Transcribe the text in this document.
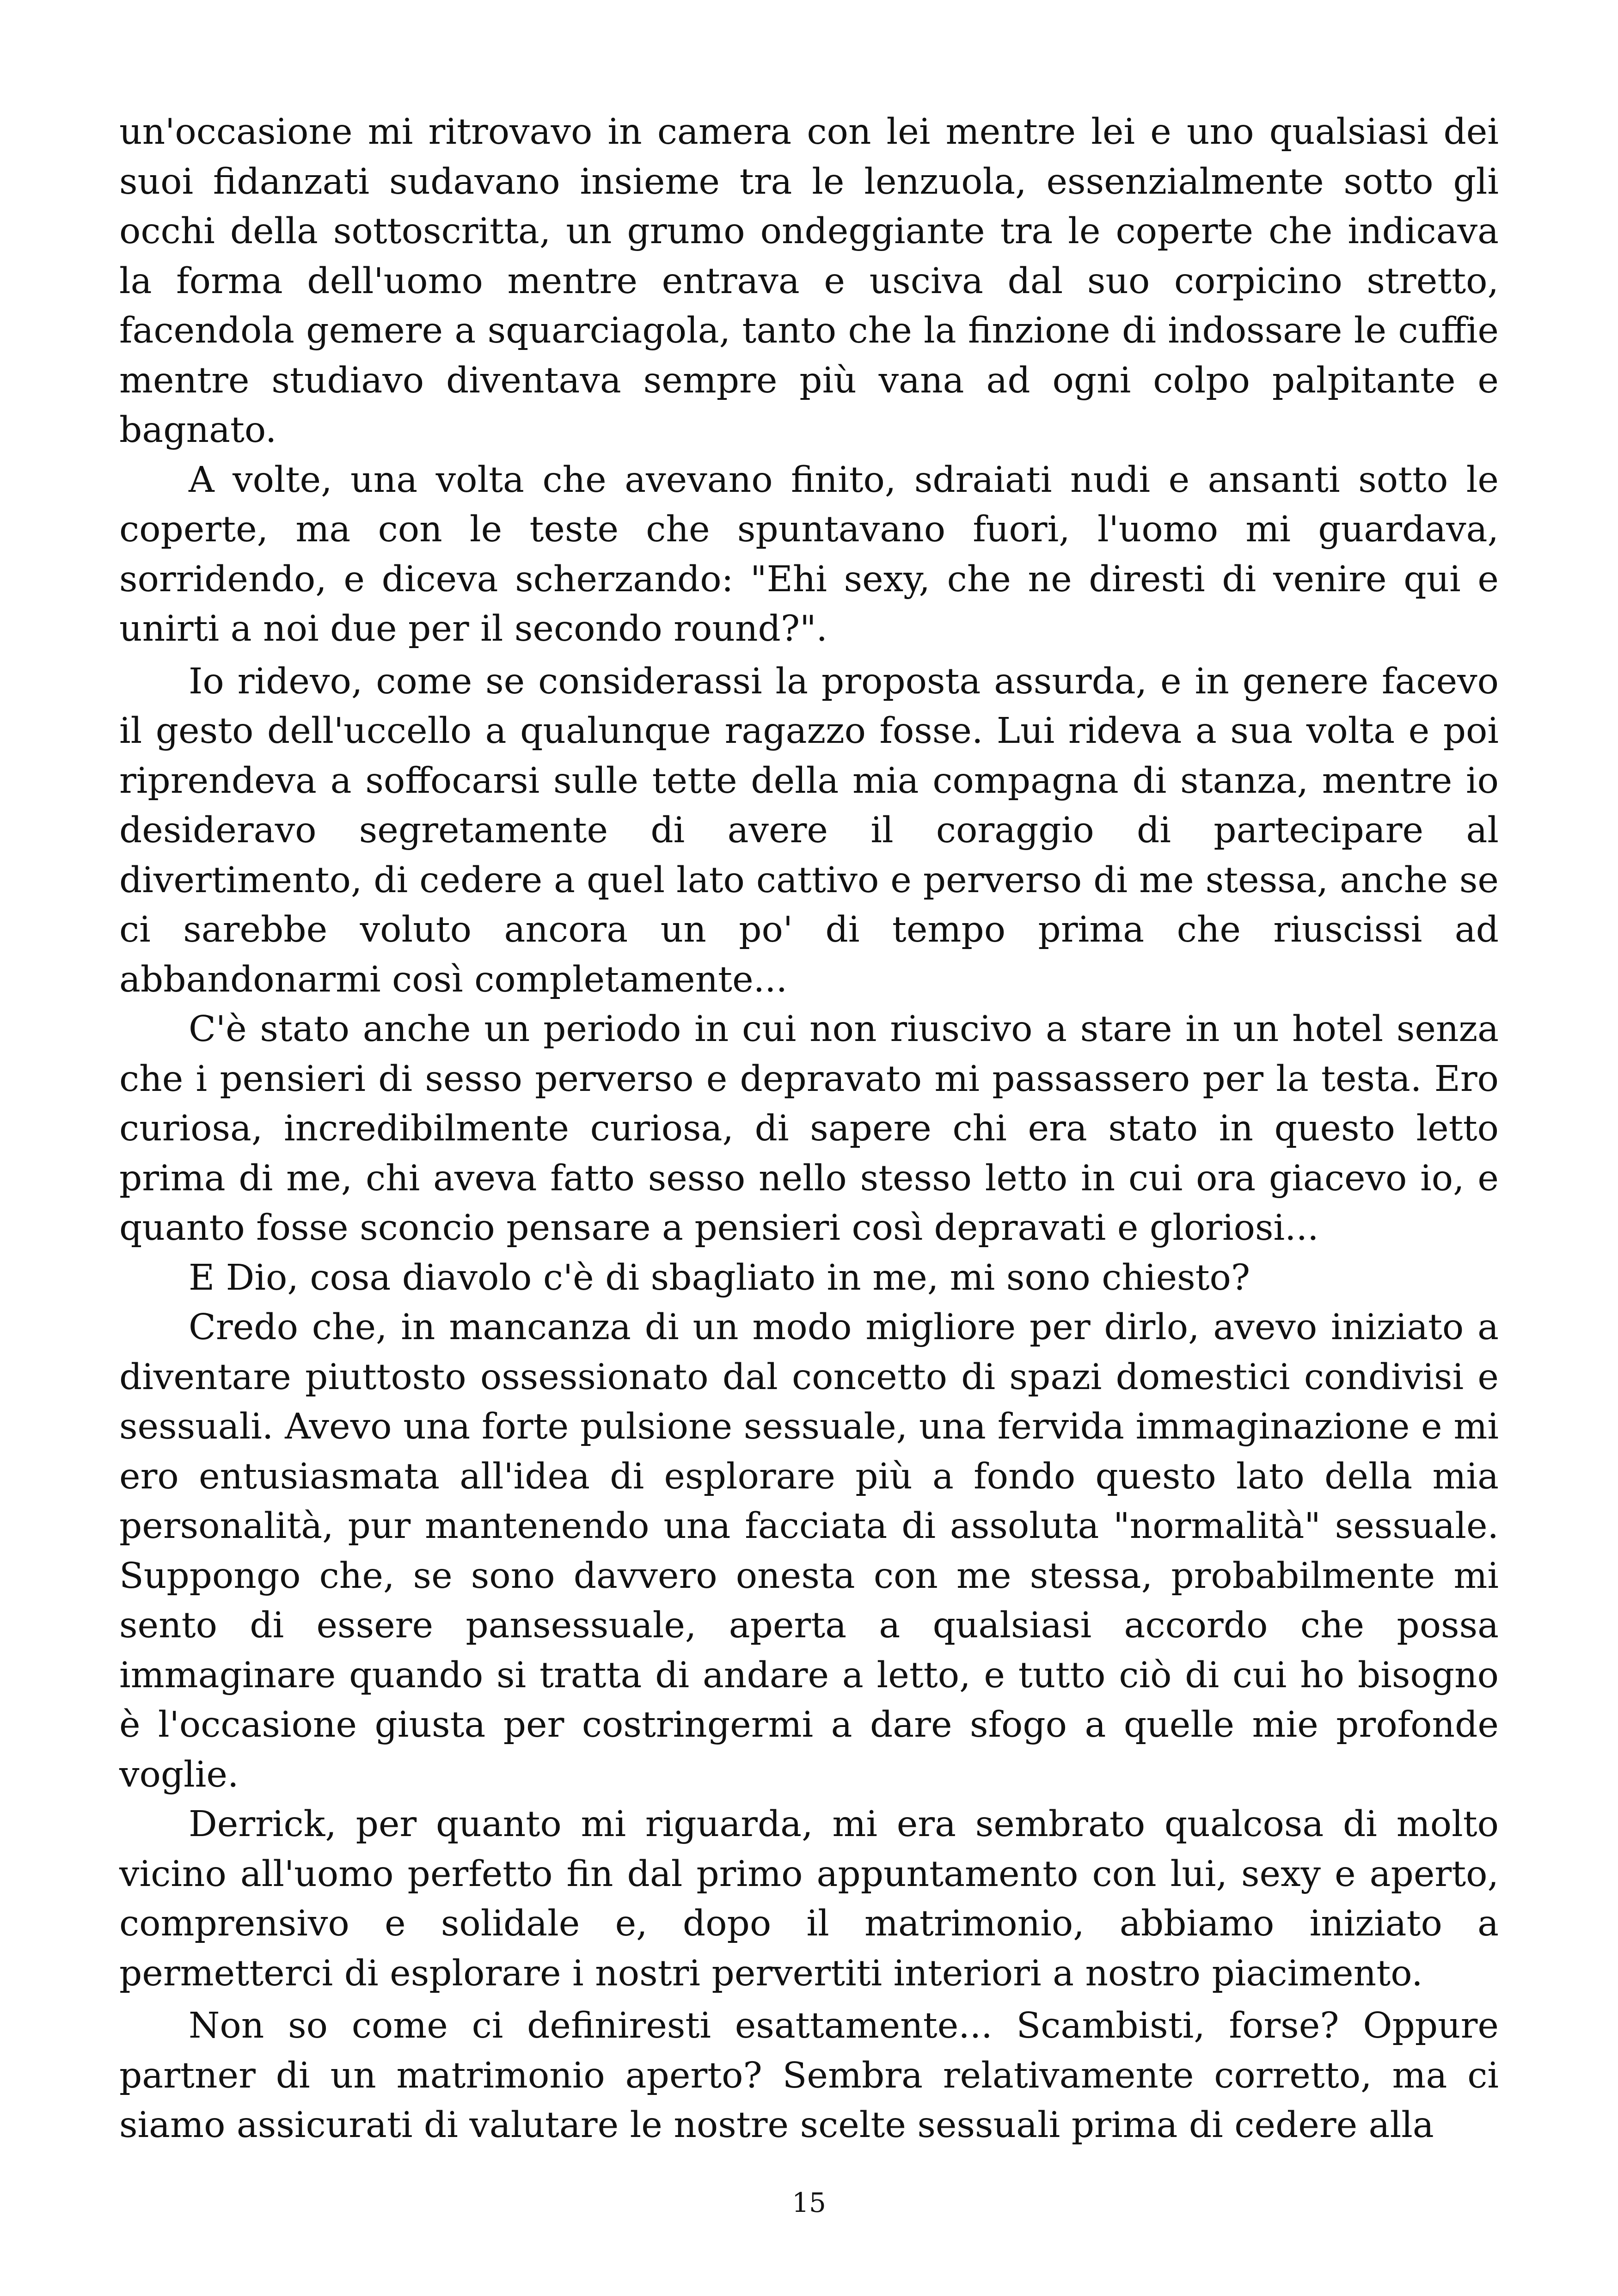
un'occasione mi ritrovavo in camera con lei mentre lei e uno qualsiasi dei suoi fidanzati sudavano insieme tra le lenzuola, essenzialmente sotto gli occhi della sottoscritta, un grumo ondeggiante tra le coperte che indicava la forma dell'uomo mentre entrava e usciva dal suo corpicino stretto, facendola gemere a squarciagola, tanto che la finzione di indossare le cuffie mentre studiavo diventava sempre più vana ad ogni colpo palpitante e bagnato.

A volte, una volta che avevano finito, sdraiati nudi e ansanti sotto le coperte, ma con le teste che spuntavano fuori, l'uomo mi guardava, sorridendo, e diceva scherzando: "Ehi sexy, che ne diresti di venire qui e unirti a noi due per il secondo round?".

Io ridevo, come se considerassi la proposta assurda, e in genere facevo il gesto dell'uccello a qualunque ragazzo fosse. Lui rideva a sua volta e poi riprendeva a soffocarsi sulle tette della mia compagna di stanza, mentre io desideravo segretamente di avere il coraggio di partecipare al divertimento, di cedere a quel lato cattivo e perverso di me stessa, anche se ci sarebbe voluto ancora un po' di tempo prima che riuscissi ad abbandonarmi così completamente...

C'è stato anche un periodo in cui non riuscivo a stare in un hotel senza che i pensieri di sesso perverso e depravato mi passassero per la testa. Ero curiosa, incredibilmente curiosa, di sapere chi era stato in questo letto prima di me, chi aveva fatto sesso nello stesso letto in cui ora giacevo io, e quanto fosse sconcio pensare a pensieri così depravati e gloriosi...

E Dio, cosa diavolo c'è di sbagliato in me, mi sono chiesto?

Credo che, in mancanza di un modo migliore per dirlo, avevo iniziato a diventare piuttosto ossessionato dal concetto di spazi domestici condivisi e sessuali. Avevo una forte pulsione sessuale, una fervida immaginazione e mi ero entusiasmata all'idea di esplorare più a fondo questo lato della mia personalità, pur mantenendo una facciata di assoluta "normalità" sessuale. Suppongo che, se sono davvero onesta con me stessa, probabilmente mi sento di essere pansessuale, aperta a qualsiasi accordo che possa immaginare quando si tratta di andare a letto, e tutto ciò di cui ho bisogno è l'occasione giusta per costringermi a dare sfogo a quelle mie profonde voglie.

Derrick, per quanto mi riguarda, mi era sembrato qualcosa di molto vicino all'uomo perfetto fin dal primo appuntamento con lui, sexy e aperto, comprensivo e solidale e, dopo il matrimonio, abbiamo iniziato a permetterci di esplorare i nostri pervertiti interiori a nostro piacimento.

Non so come ci definiresti esattamente... Scambisti, forse? Oppure partner di un matrimonio aperto? Sembra relativamente corretto, ma ci siamo assicurati di valutare le nostre scelte sessuali prima di cedere alla

15
